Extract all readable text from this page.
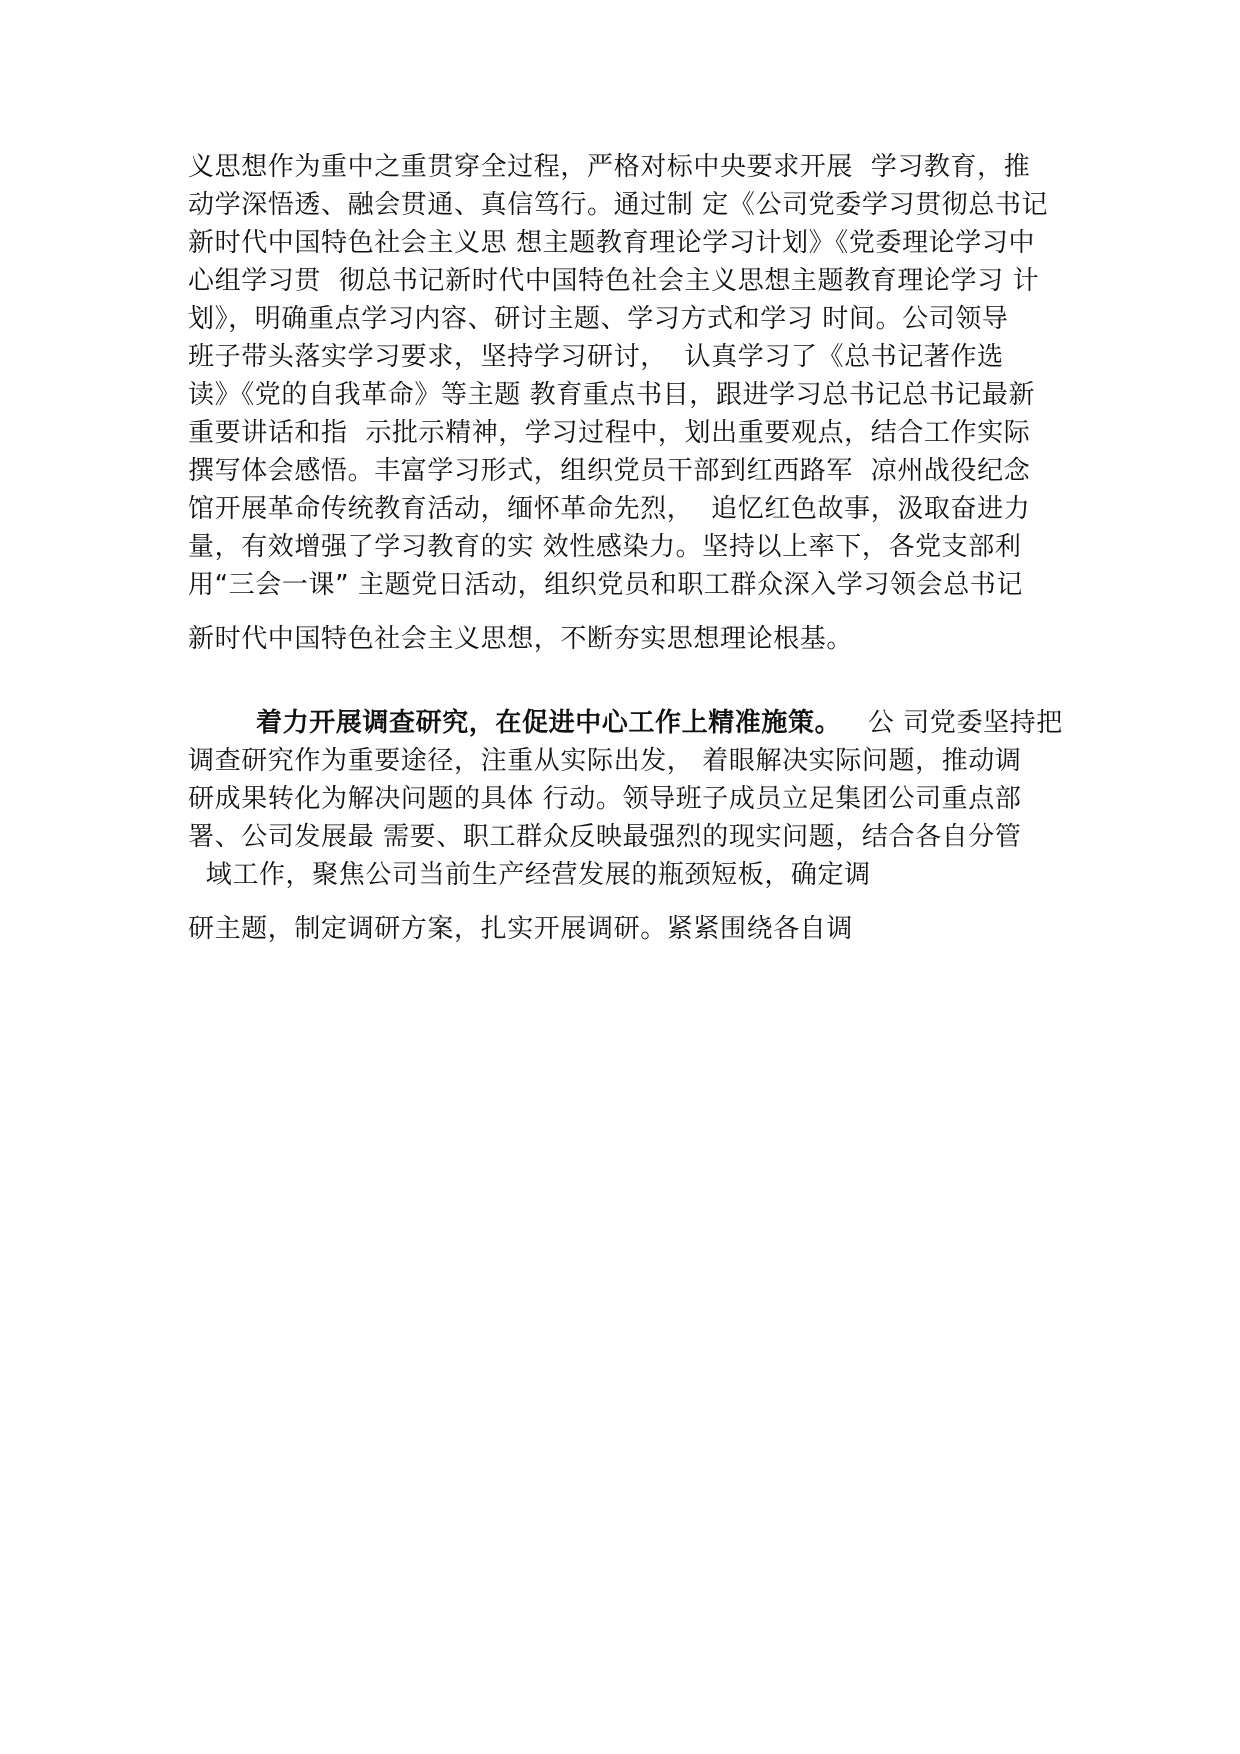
义思想作为重中之重贯穿全过程，严格对标中央要求开展  学习教育，推
动学深悟透、融会贯通、真信笃行。通过制 定《公司党委学习贯彻总书记
新时代中国特色社会主义思 想主题教育理论学习计划》《党委理论学习中
心组学习贯  彻总书记新时代中国特色社会主义思想主题教育理论学习 计
划》，明确重点学习内容、研讨主题、学习方式和学习 时间。公司领导
班子带头落实学习要求，坚持学习研讨，  认真学习了《总书记著作选
读》《党的自我革命》等主题 教育重点书目，跟进学习总书记总书记最新
重要讲话和指  示批示精神，学习过程中，划出重要观点，结合工作实际
撰写体会感悟。丰富学习形式，组织党员干部到红西路军  凉州战役纪念
馆开展革命传统教育活动，缅怀革命先烈，  追忆红色故事，汲取奋进力
量，有效增强了学习教育的实 效性感染力。坚持以上率下，各党支部利
用“三会一课” 主题党日活动，组织党员和职工群众深入学习领会总书记
新时代中国特色社会主义思想，不断夯实思想理论根基。
着力开展调查研究，在促进中心工作上精准施策。 公 司党委坚持把
调查研究作为重要途径，注重从实际出发， 着眼解决实际问题，推动调
研成果转化为解决问题的具体 行动。领导班子成员立足集团公司重点部
署、公司发展最 需要、职工群众反映最强烈的现实问题，结合各自分管
域工作，聚焦公司当前生产经营发展的瓶颈短板，确定调
研主题，制定调研方案，扎实开展调研。紧紧围绕各自调
